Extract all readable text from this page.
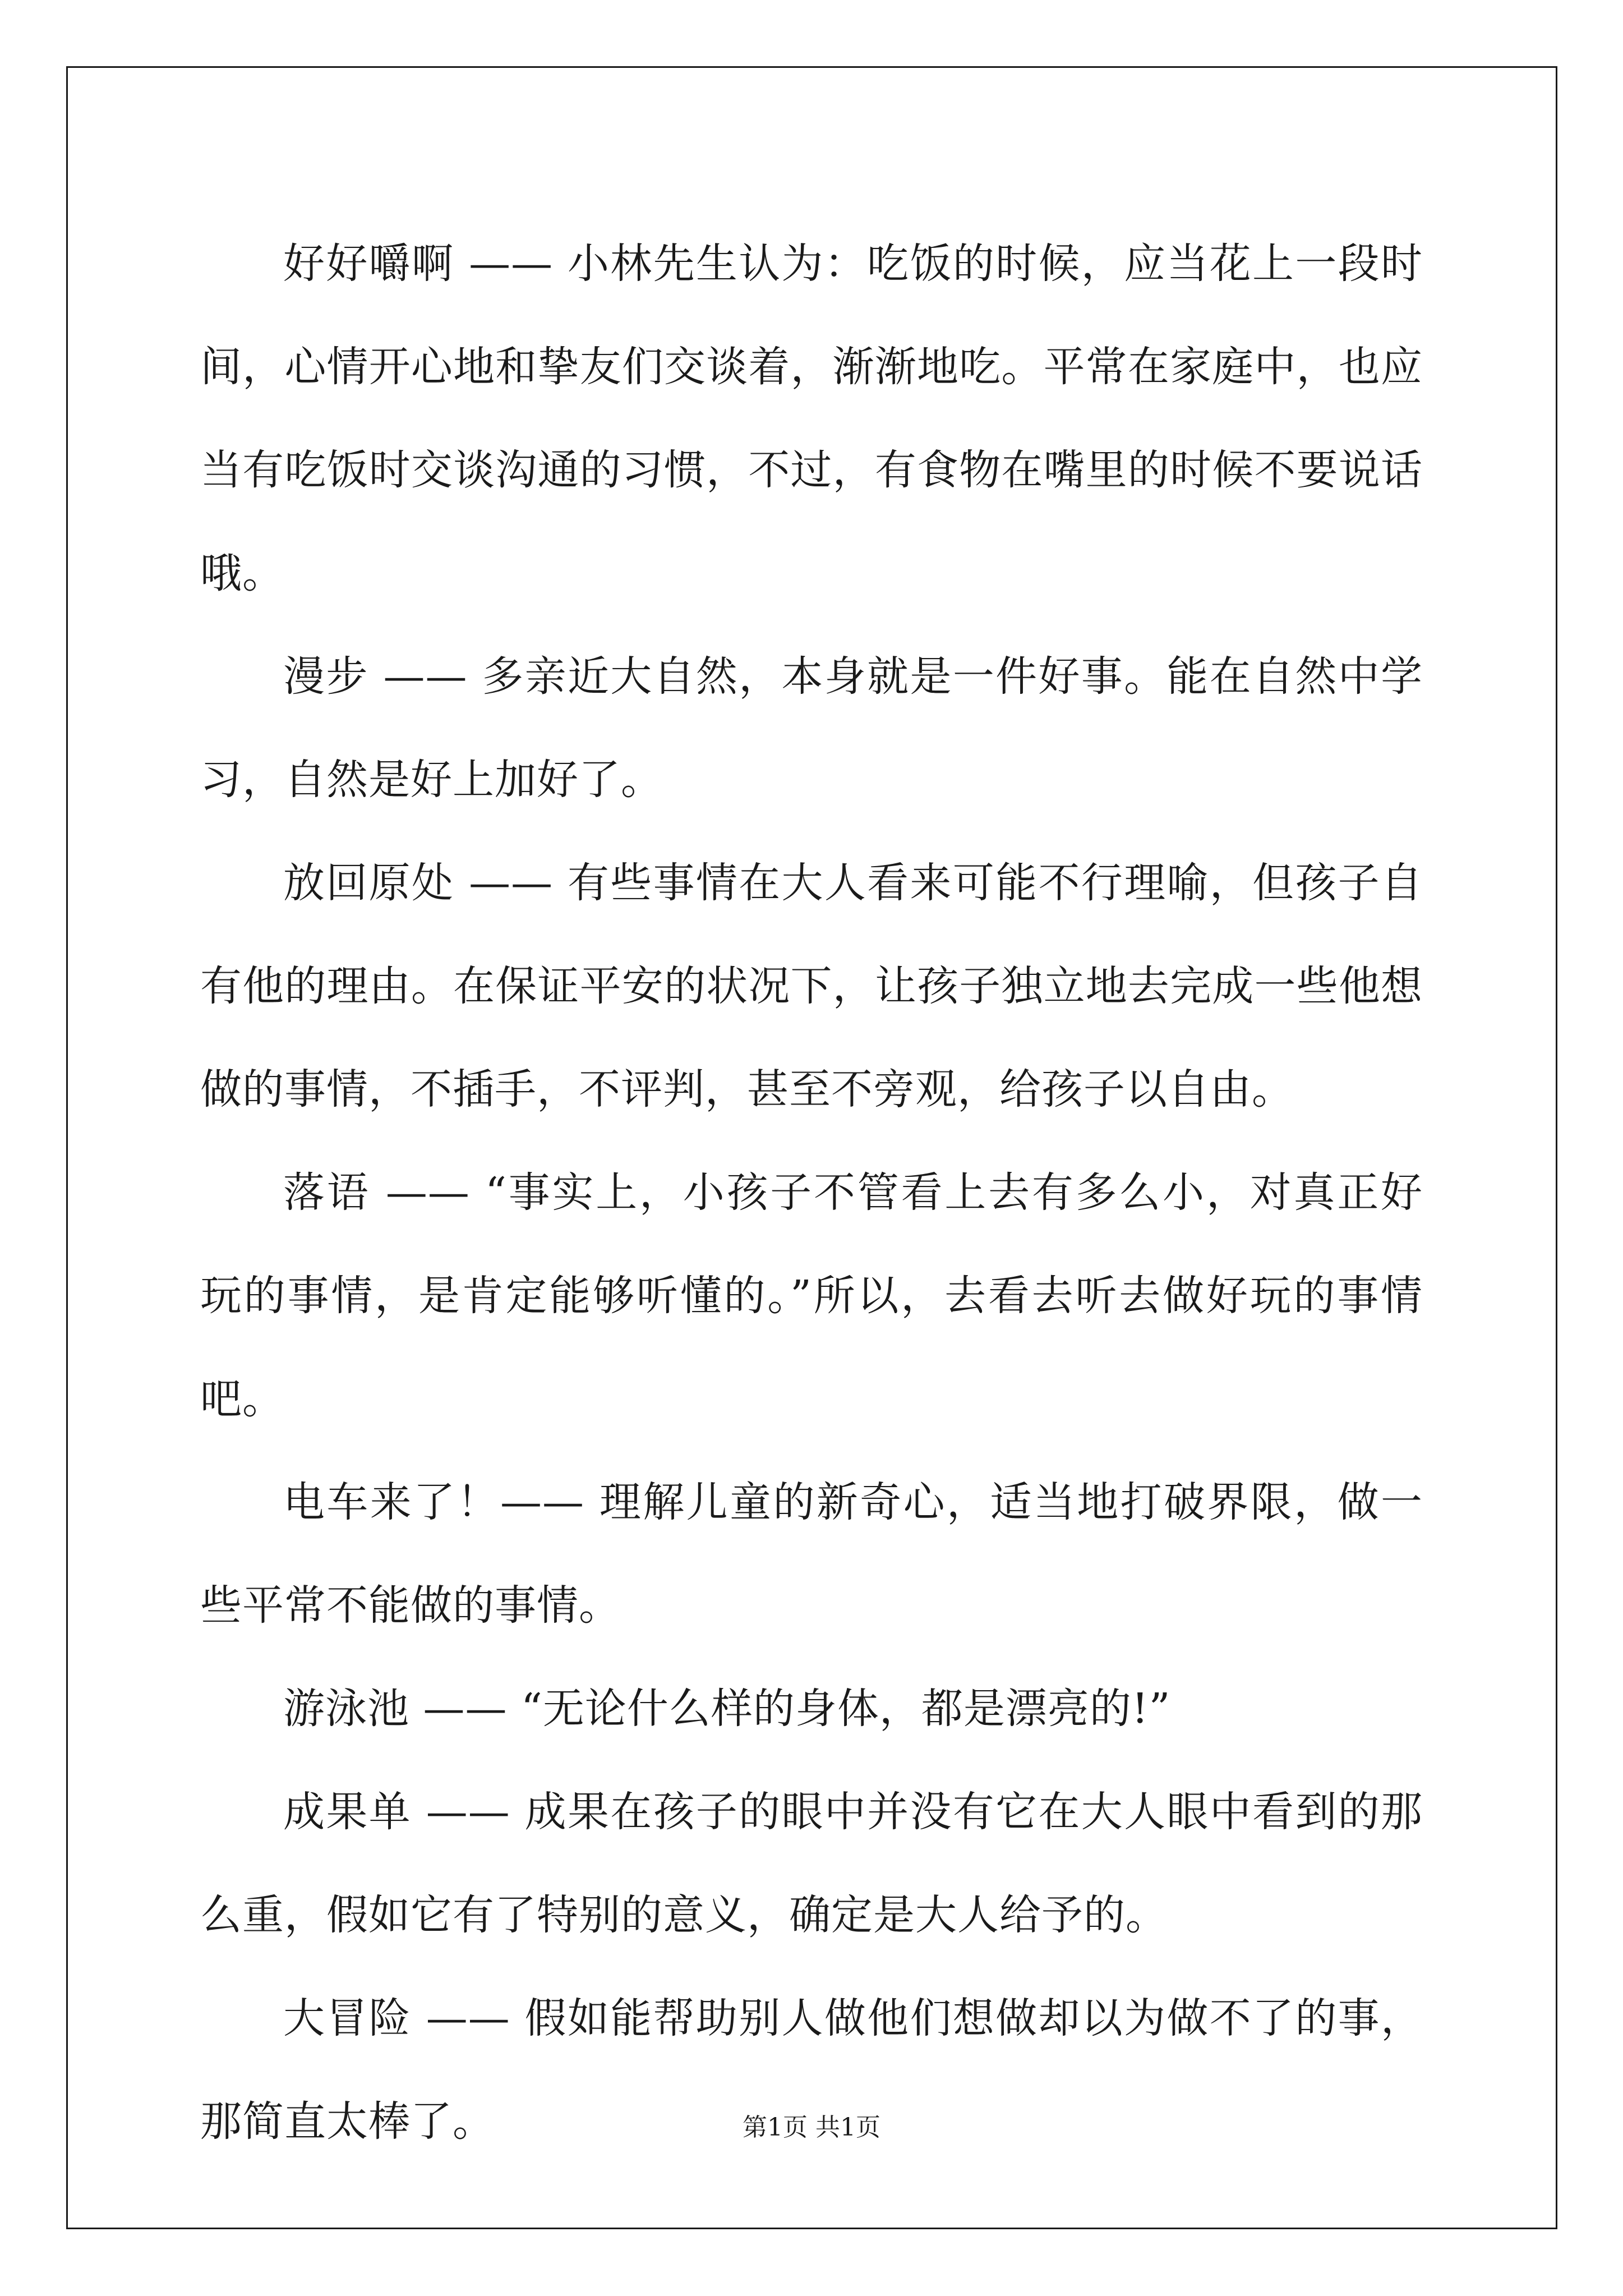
好好嚼啊 —— 小林先生认为：吃饭的时候，应当花上一段时间，心情开心地和挚友们交谈着，渐渐地吃。平常在家庭中，也应当有吃饭时交谈沟通的习惯，不过，有食物在嘴里的时候不要说话哦。

漫步 —— 多亲近大自然，本身就是一件好事。能在自然中学习，自然是好上加好了。

放回原处 —— 有些事情在大人看来可能不行理喻，但孩子自有他的理由。在保证平安的状况下，让孩子独立地去完成一些他想做的事情，不插手，不评判，甚至不旁观，给孩子以自由。

落语 —— “事实上，小孩子不管看上去有多么小，对真正好玩的事情，是肯定能够听懂的。”所以，去看去听去做好玩的事情吧。

电车来了！—— 理解儿童的新奇心，适当地打破界限，做一些平常不能做的事情。

游泳池 —— “无论什么样的身体，都是漂亮的!”

成果单 —— 成果在孩子的眼中并没有它在大人眼中看到的那么重，假如它有了特别的意义，确定是大人给予的。

大冒险 —— 假如能帮助别人做他们想做却以为做不了的事，那简直太棒了。	第1页 共1页
